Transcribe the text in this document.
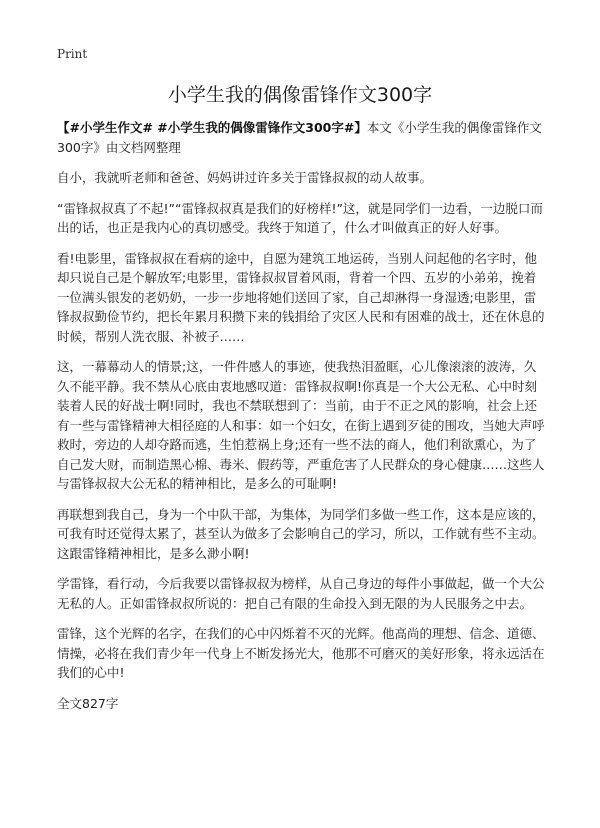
Print
小学生我的偶像雷锋作文300字

【#小学生作文# #小学生我的偶像雷锋作文300字#】本文《小学生我的偶像雷锋作文300字》由文档网整理

自小，我就听老师和爸爸、妈妈讲过许多关于雷锋叔叔的动人故事。

“雷锋叔叔真了不起!”“雷锋叔叔真是我们的好榜样!”这，就是同学们一边看，一边脱口而出的话，也正是我内心的真切感受。我终于知道了，什么才叫做真正的好人好事。

看!电影里，雷锋叔叔在看病的途中，自愿为建筑工地运砖，当别人问起他的名字时，他却只说自己是个解放军;电影里，雷锋叔叔冒着风雨，背着一个四、五岁的小弟弟，挽着一位满头银发的老奶奶，一步一步地将她们送回了家，自己却淋得一身湿透;电影里，雷锋叔叔勤俭节约，把长年累月积攒下来的钱捐给了灾区人民和有困难的战士，还在休息的时候，帮别人洗衣服、补被子……

这，一幕幕动人的情景;这，一件件感人的事迹，使我热泪盈眶，心儿像滚滚的波涛，久久不能平静。我不禁从心底由衷地感叹道：雷锋叔叔啊!你真是一个大公无私、心中时刻装着人民的好战士啊!同时，我也不禁联想到了：当前，由于不正之风的影响，社会上还有一些与雷锋精神大相径庭的人和事：如一个妇女，在街上遇到歹徒的围攻，当她大声呼救时，旁边的人却夺路而逃，生怕惹祸上身;还有一些不法的商人，他们利欲熏心，为了自己发大财，而制造黑心棉、毒米、假药等，严重危害了人民群众的身心健康……这些人与雷锋叔叔大公无私的精神相比，是多么的可耻啊!

再联想到我自己，身为一个中队干部，为集体，为同学们多做一些工作，这本是应该的，可我有时还觉得太累了，甚至认为做多了会影响自己的学习，所以，工作就有些不主动。这跟雷锋精神相比，是多么渺小啊!

学雷锋，看行动，今后我要以雷锋叔叔为榜样，从自己身边的每件小事做起，做一个大公无私的人。正如雷锋叔叔所说的：把自己有限的生命投入到无限的为人民服务之中去。

雷锋，这个光辉的名字，在我们的心中闪烁着不灭的光辉。他高尚的理想、信念、道德、情操，必将在我们青少年一代身上不断发扬光大，他那不可磨灭的美好形象，将永远活在我们的心中!

全文827字
